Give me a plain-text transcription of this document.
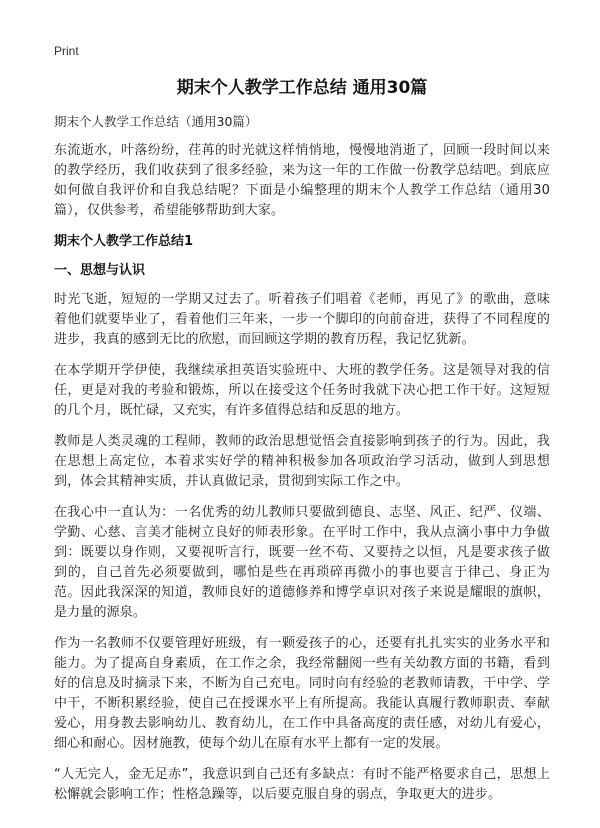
Print
期末个人教学工作总结 通用30篇

期末个人教学工作总结（通用30篇）

东流逝水，叶落纷纷，荏苒的时光就这样悄悄地，慢慢地消逝了，回顾一段时间以来的教学经历，我们收获到了很多经验，来为这一年的工作做一份教学总结吧。到底应如何做自我评价和自我总结呢？下面是小编整理的期末个人教学工作总结（通用30篇），仅供参考，希望能够帮助到大家。

期末个人教学工作总结1
一、思想与认识

时光飞逝，短短的一学期又过去了。听着孩子们唱着《老师，再见了》的歌曲，意味着他们就要毕业了，看着他们三年来，一步一个脚印的向前奋进，获得了不同程度的进步，我真的感到无比的欣慰，而回顾这学期的教育历程，我记忆犹新。

在本学期开学伊使，我继续承担英语实验班中、大班的教学任务。这是领导对我的信任，更是对我的考验和锻炼，所以在接受这个任务时我就下决心把工作干好。这短短的几个月，既忙碌，又充实，有许多值得总结和反思的地方。

教师是人类灵魂的工程师，教师的政治思想觉悟会直接影响到孩子的行为。因此，我在思想上高定位，本着求实好学的精神积极参加各项政治学习活动，做到人到思想到，体会其精神实质，并认真做记录，贯彻到实际工作之中。

在我心中一直认为：一名优秀的幼儿教师只要做到德良、志坚、风正、纪严、仪端、学勤、心慈、言美才能树立良好的师表形象。在平时工作中，我从点滴小事中力争做到：既要以身作则，又要视听言行，既要一丝不苟、又要持之以恒，凡是要求孩子做到的，自己首先必须要做到，哪怕是些在再琐碎再微小的事也要言于律己、身正为范。因此我深深的知道，教师良好的道德修养和博学卓识对孩子来说是耀眼的旗帜，是力量的源泉。

作为一名教师不仅要管理好班级，有一颗爱孩子的心，还要有扎扎实实的业务水平和能力。为了提高自身素质，在工作之余，我经常翻阅一些有关幼教方面的书籍，看到好的信息及时摘录下来，不断为自己充电。同时向有经验的老教师请教，干中学、学中干，不断积累经验，使自己在授课水平上有所提高。我能认真履行教师职责、奉献爱心，用身教去影响幼儿、教育幼儿，在工作中具备高度的责任感，对幼儿有爱心，细心和耐心。因材施教，使每个幼儿在原有水平上都有一定的发展。

“人无完人，金无足赤”，我意识到自己还有多缺点：有时不能严格要求自己，思想上松懈就会影响工作；性格急躁等，以后要克服自身的弱点，争取更大的进步。
